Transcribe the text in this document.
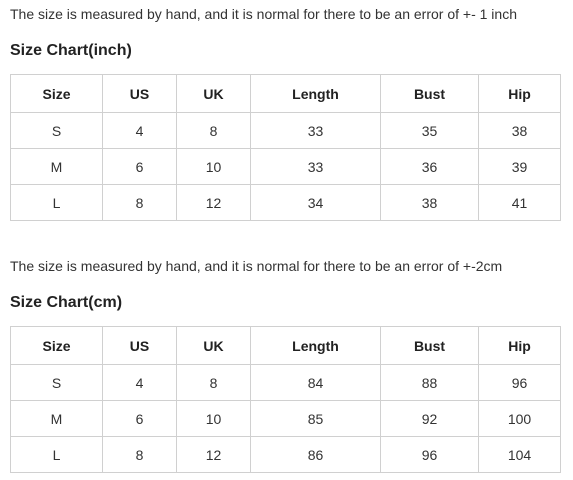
The size is measured by hand, and it is normal for there to be an error of +- 1 inch
Size Chart(inch)
Size	US	UK	Length	Bust	Hip
S	4	8	33	35	38
M	6	10	33	36	39
L	8	12	34	38	41
The size is measured by hand, and it is normal for there to be an error of +-2cm
Size Chart(cm)
Size	US	UK	Length	Bust	Hip
S	4	8	84	88	96
M	6	10	85	92	100
L	8	12	86	96	104
